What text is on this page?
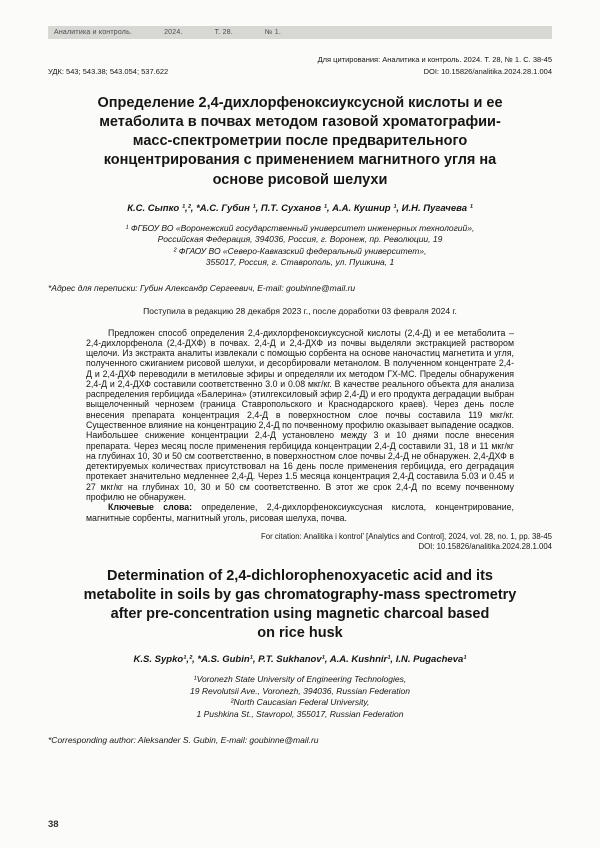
Аналитика и контроль.	2024.	Т. 28.	№ 1.

Для цитирования: Аналитика и контроль. 2024. Т. 28, № 1. С. 38-45

УДК: 543; 543.38; 543.054; 537.622	DOI: 10.15826/analitika.2024.28.1.004
Определение 2,4-дихлорфеноксиуксусной кислоты и ее
метаболита в почвах методом газовой хроматографии-
масс-спектрометрии после предварительного
концентрирования с применением магнитного угля на
основе рисовой шелухи

К.С. Сыпко ¹,², *А.С. Губин ¹, П.Т. Суханов ¹, А.А. Кушнир ¹, И.Н. Пугачева ¹

¹ ФГБОУ ВО «Воронежский государственный университет инженерных технологий»,
Российская Федерация, 394036, Россия, г. Воронеж, пр. Революции, 19

² ФГАОУ ВО «Северо-Кавказский федеральный университет»,
355017, Россия, г. Ставрополь, ул. Пушкина, 1

*Адрес для переписки: Губин Александр Сергеевич, E-mail: goubinne@mail.ru

Поступила в редакцию 28 декабря 2023 г., после доработки 03 февраля 2024 г.

Предложен способ определения 2,4-дихлорфеноксиуксусной кислоты (2,4-Д) и ее метаболита – 2,4-дихлорфенола (2,4-ДХФ) в почвах. 2,4-Д и 2,4-ДХФ из почвы выделяли экстракцией раствором щелочи. Из экстракта аналиты извлекали с помощью сорбента на основе наночастиц магнетита и угля, полученного сжиганием рисовой шелухи, и десорбировали метанолом. В полученном концентрате 2,4-Д и 2,4-ДХФ переводили в метиловые эфиры и определяли их методом ГХ-МС. Пределы обнаружения 2,4-Д и 2,4-ДХФ составили соответственно 3.0 и 0.08 мкг/кг. В качестве реального объекта для анализа распределения гербицида «Балерина» (этилгексиловый эфир 2,4-Д) и его продукта деградации выбран выщелоченный чернозем (граница Ставропольского и Краснодарского краев). Через день после внесения препарата концентрация 2,4-Д в поверхностном слое почвы составила 119 мкг/кг. Существенное влияние на концентрацию 2,4-Д по почвенному профилю оказывает выпадение осадков. Наибольшее снижение концентрации 2,4-Д установлено между 3 и 10 днями после внесения препарата. Через месяц после применения гербицида концентрации 2,4-Д составили 31, 18 и 11 мкг/кг на глубинах 10, 30 и 50 см соответственно, в поверхностном слое почвы 2,4-Д не обнаружен. 2,4-ДХФ в детектируемых количествах присутствовал на 16 день после применения гербицида, его деградация протекает значительно медленнее 2,4-Д. Через 1.5 месяца концентрация 2,4-Д составила 5.03 и 0.45 и 27 мкг/кг на глубинах 10, 30 и 50 см соответственно. В этот же срок 2,4-Д по всему почвенному профилю не обнаружен.

Ключевые слова: определение, 2,4-дихлорфеноксиуксусная кислота, концентрирование, магнитные сорбенты, магнитный уголь, рисовая шелуха, почва.

For citation: Analitika i kontrol’ [Analytics and Control], 2024, vol. 28, no. 1, pp. 38-45

DOI: 10.15826/analitika.2024.28.1.004

Determination of 2,4-dichlorophenoxyacetic acid and its
metabolite in soils by gas chromatography-mass spectrometry
after pre-concentration using magnetic charcoal based
on rice husk

K.S. Sypko¹,², *A.S. Gubin¹, P.T. Sukhanov¹, A.A. Kushnir¹, I.N. Pugacheva¹

¹Voronezh State University of Engineering Technologies,
19 Revolutsii Ave., Voronezh, 394036, Russian Federation

²North Caucasian Federal University,
1 Pushkina St., Stavropol, 355017, Russian Federation

*Corresponding author: Aleksander S. Gubin, E-mail: goubinne@mail.ru

38
